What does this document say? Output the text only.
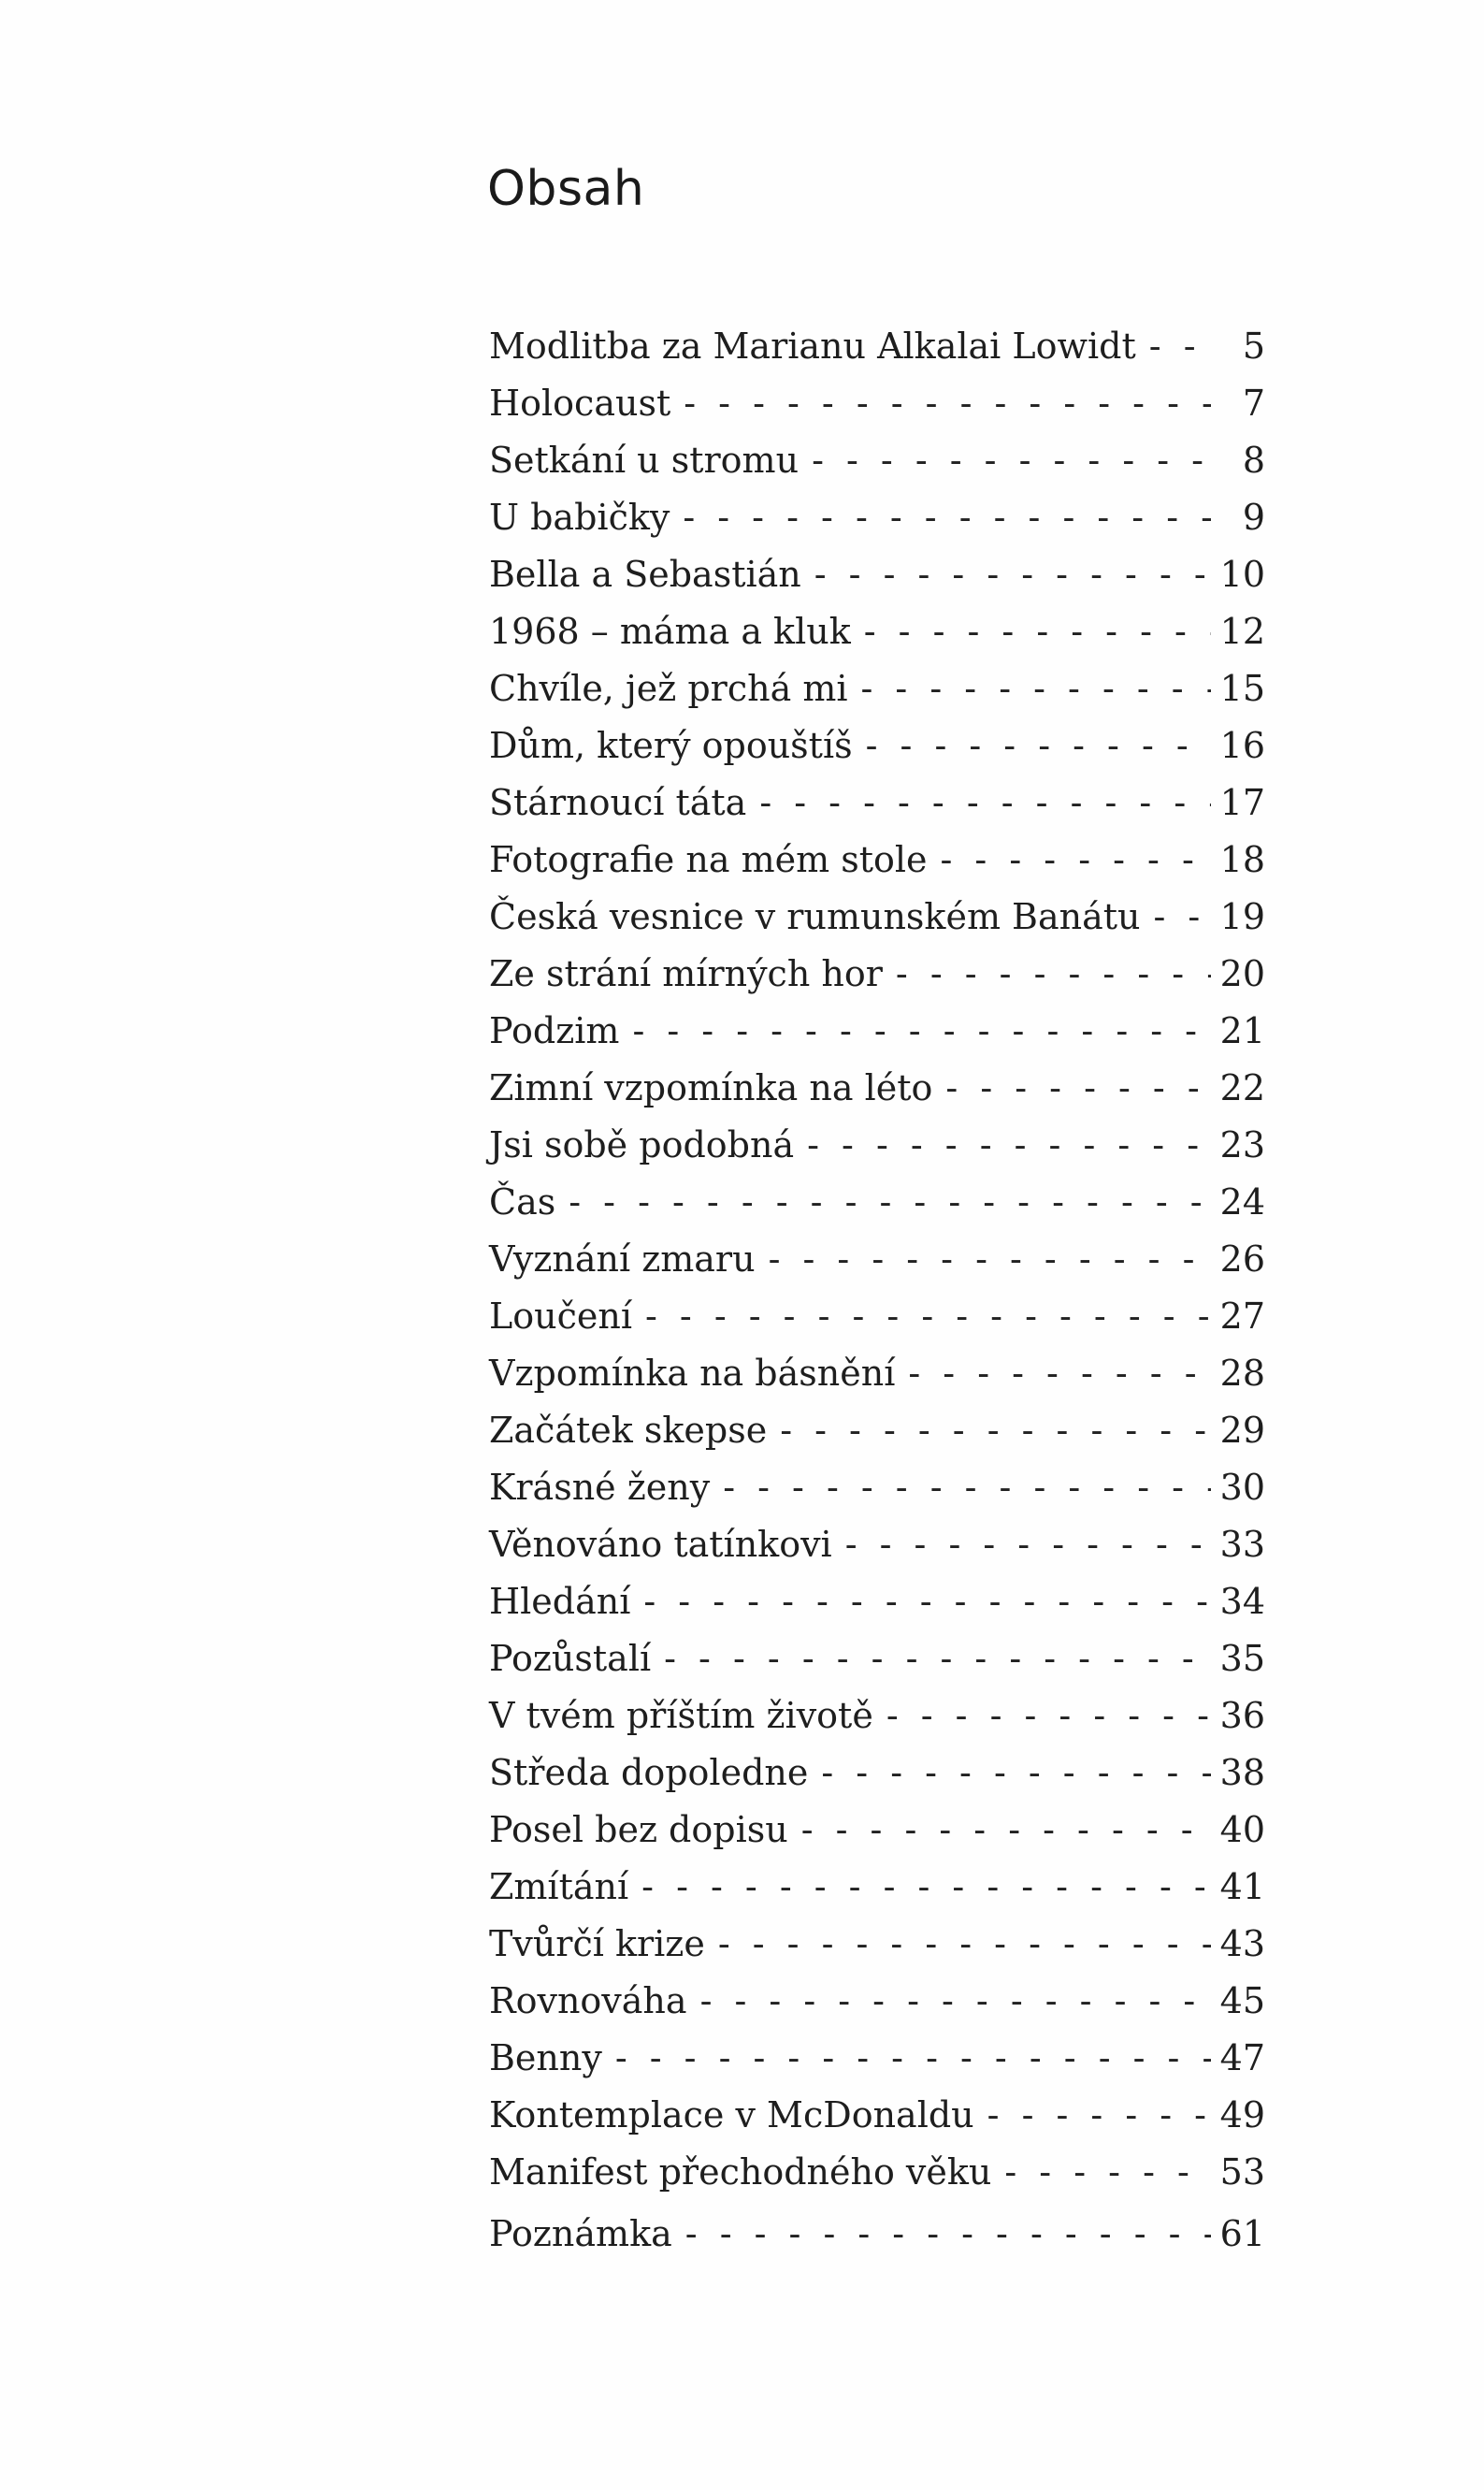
Obsah
Modlitba za Marianu Alkalai Lowidt - - -	5
Holocaust - - -	7
Setkání u stromu - - -	8
U babičky - - -	9
Bella a Sebastián - - -	10
1968 – máma a kluk - - -	12
Chvíle, jež prchá mi - - -	15
Dům, který opouštíš - - -	16
Stárnoucí táta - - -	17
Fotografie na mém stole - - -	18
Česká vesnice v rumunském Banátu - - - 19
Ze strání mírných hor - - -	20
Podzim - - -	21
Zimní vzpomínka na léto - - -	22
Jsi sobě podobná - - -	23
Čas - - -	24
Vyznání zmaru - - -	26
Loučení - - -	27
Vzpomínka na básnění - - -	28
Začátek skepse - - -	29
Krásné ženy - - -	30
Věnováno tatínkovi - - -	33
Hledání - - -	34
Pozůstalí - - -	35
V tvém příštím životě - - -	36
Středa dopoledne - - -	38
Posel bez dopisu - - -	40
Zmítání - - -	41
Tvůrčí krize - - -	43
Rovnováha - - -	45
Benny - - -	47
Kontemplace v McDonaldu - - -	49
Manifest přechodného věku - - -	53
Poznámka - - -	61
